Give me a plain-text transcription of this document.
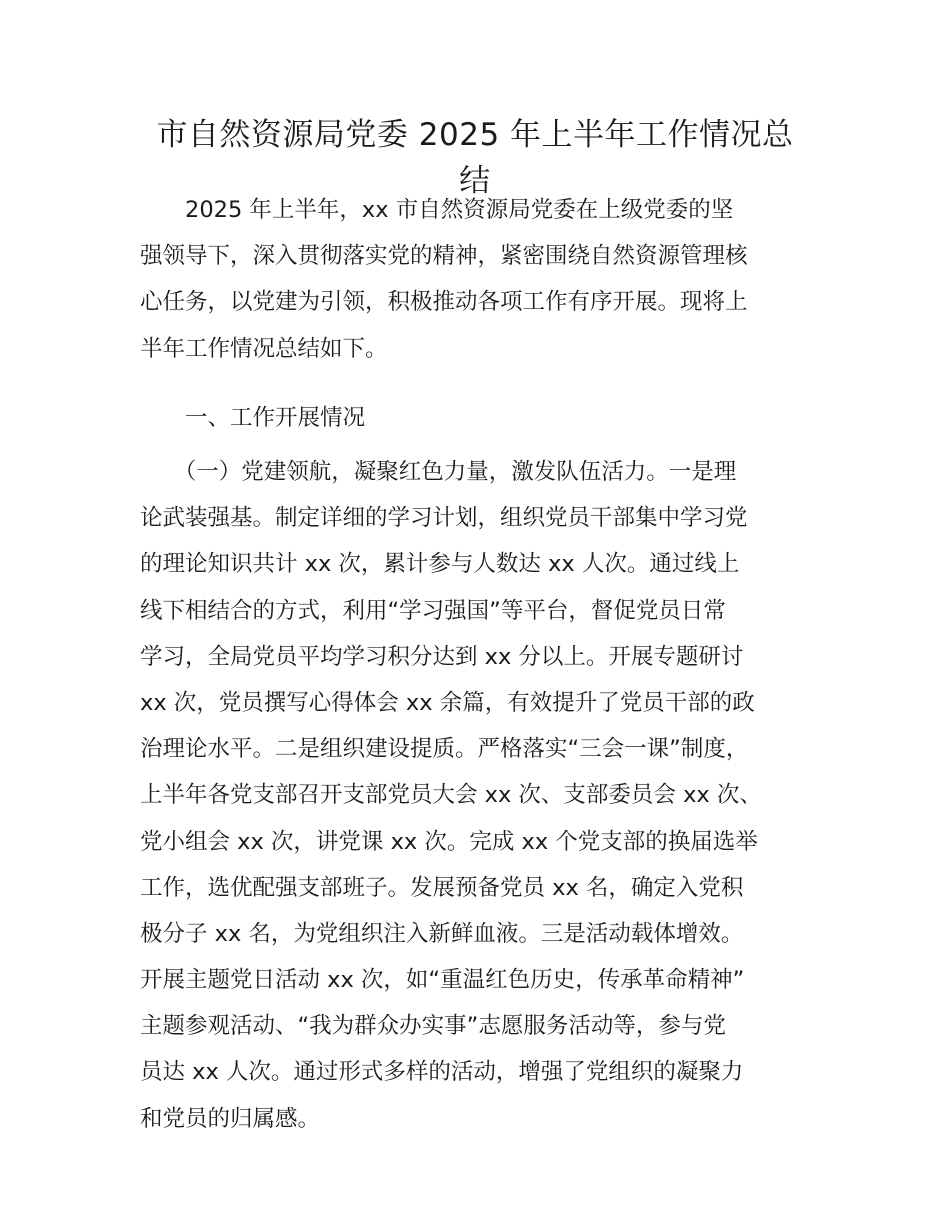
市自然资源局党委 2025 年上半年工作情况总
结
　　2025 年上半年，xx 市自然资源局党委在上级党委的坚
强领导下，深入贯彻落实党的精神，紧密围绕自然资源管理核
心任务，以党建为引领，积极推动各项工作有序开展。现将上
半年工作情况总结如下。
　　一、工作开展情况
　　（一）党建领航，凝聚红色力量，激发队伍活力。一是理
论武装强基。制定详细的学习计划，组织党员干部集中学习党
的理论知识共计 xx 次，累计参与人数达 xx 人次。通过线上
线下相结合的方式，利用“学习强国”等平台，督促党员日常
学习，全局党员平均学习积分达到 xx 分以上。开展专题研讨
xx 次，党员撰写心得体会 xx 余篇，有效提升了党员干部的政
治理论水平。二是组织建设提质。严格落实“三会一课”制度，
上半年各党支部召开支部党员大会 xx 次、支部委员会 xx 次、
党小组会 xx 次，讲党课 xx 次。完成 xx 个党支部的换届选举
工作，选优配强支部班子。发展预备党员 xx 名，确定入党积
极分子 xx 名，为党组织注入新鲜血液。三是活动载体增效。
开展主题党日活动 xx 次，如“重温红色历史，传承革命精神”
主题参观活动、“我为群众办实事”志愿服务活动等，参与党
员达 xx 人次。通过形式多样的活动，增强了党组织的凝聚力
和党员的归属感。
